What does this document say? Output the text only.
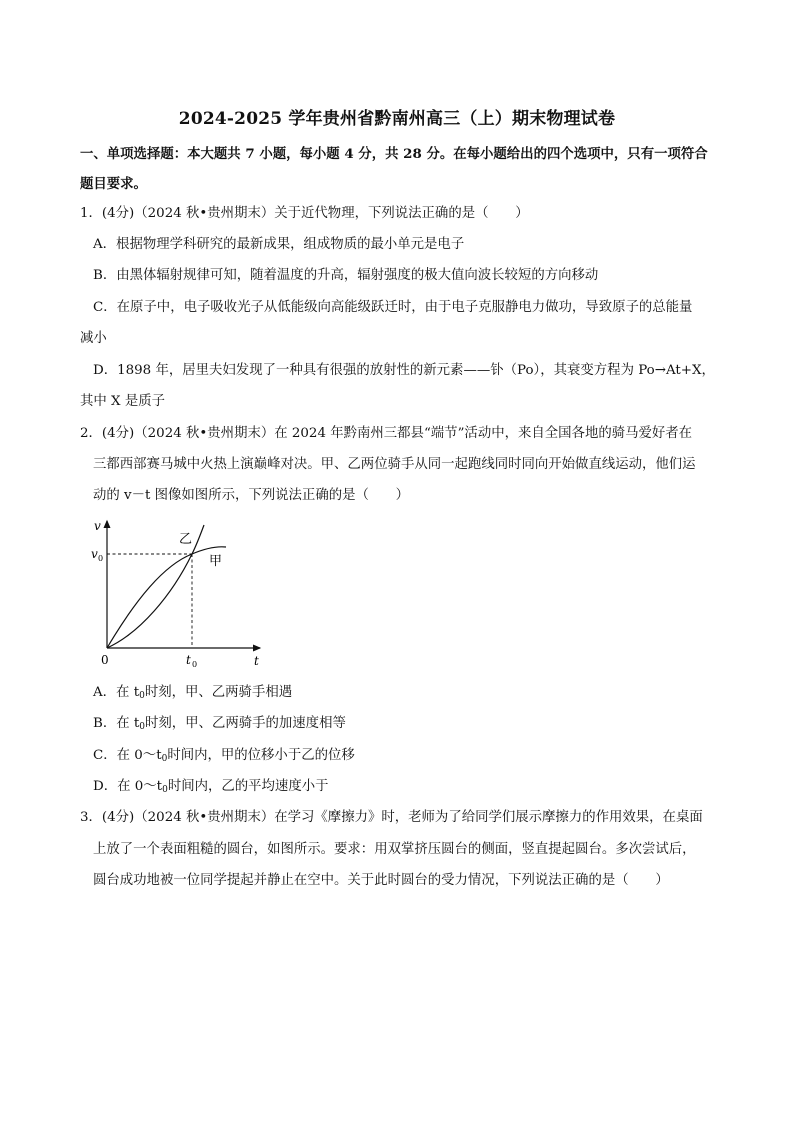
2024-2025 学年贵州省黔南州高三（上）期末物理试卷
一、单项选择题：本大题共 7 小题，每小题 4 分，共 28 分。在每小题给出的四个选项中，只有一项符合
题目要求。
1．(4分)（2024 秋•贵州期末）关于近代物理，下列说法正确的是（　　）
A．根据物理学科研究的最新成果，组成物质的最小单元是电子
B．由黑体辐射规律可知，随着温度的升高，辐射强度的极大值向波长较短的方向移动
C．在原子中，电子吸收光子从低能级向高能级跃迁时，由于电子克服静电力做功，导致原子的总能量
减小
D．1898 年，居里夫妇发现了一种具有很强的放射性的新元素——钋（Po），其衰变方程为 Po→At+X，
其中 X 是质子
2．(4分)（2024 秋•贵州期末）在 2024 年黔南州三都县“端节”活动中，来自全国各地的骑马爱好者在
三都西部赛马城中火热上演巅峰对决。甲、乙两位骑手从同一起跑线同时同向开始做直线运动，他们运
动的 v－t 图像如图所示，下列说法正确的是（　　）
v
t
0
v 0
t 0
乙
甲
A．在 $t_0$时刻，甲、乙两骑手相遇
B．在 $t_0$时刻，甲、乙两骑手的加速度相等
C．在 $0\sim t_0$时间内，甲的位移小于乙的位移
D．在 $0\sim t_0$时间内，乙的平均速度小于
3．(4分)（2024 秋•贵州期末）在学习《摩擦力》时，老师为了给同学们展示摩擦力的作用效果，在桌面
上放了一个表面粗糙的圆台，如图所示。要求：用双掌挤压圆台的侧面，竖直提起圆台。多次尝试后，
圆台成功地被一位同学提起并静止在空中。关于此时圆台的受力情况，下列说法正确的是（　　）
